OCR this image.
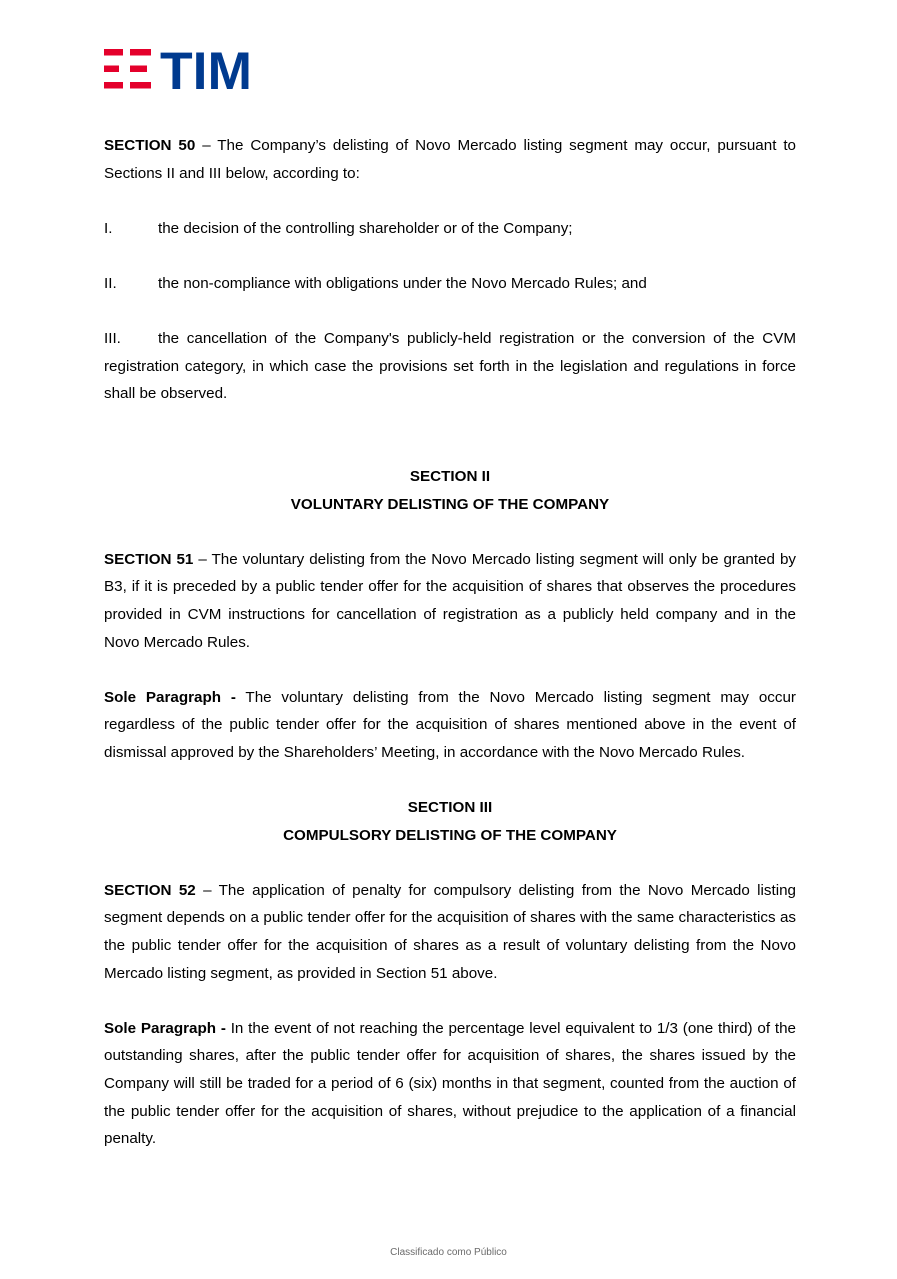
TIM

SECTION 50 – The Company’s delisting of Novo Mercado listing segment may occur, pursuant to Sections II and III below, according to:

I.	the decision of the controlling shareholder or of the Company;

II.	the non-compliance with obligations under the Novo Mercado Rules; and

III. the cancellation of the Company's publicly-held registration or the conversion of the CVM registration category, in which case the provisions set forth in the legislation and regulations in force shall be observed.

SECTION II

VOLUNTARY DELISTING OF THE COMPANY

SECTION 51 – The voluntary delisting from the Novo Mercado listing segment will only be granted by B3, if it is preceded by a public tender offer for the acquisition of shares that observes the procedures provided in CVM instructions for cancellation of registration as a publicly held company and in the Novo Mercado Rules.

Sole Paragraph - The voluntary delisting from the Novo Mercado listing segment may occur regardless of the public tender offer for the acquisition of shares mentioned above in the event of dismissal approved by the Shareholders’ Meeting, in accordance with the Novo Mercado Rules.

SECTION III

COMPULSORY DELISTING OF THE COMPANY

SECTION 52 – The application of penalty for compulsory delisting from the Novo Mercado listing segment depends on a public tender offer for the acquisition of shares with the same characteristics as the public tender offer for the acquisition of shares as a result of voluntary delisting from the Novo Mercado listing segment, as provided in Section 51 above.

Sole Paragraph - In the event of not reaching the percentage level equivalent to 1/3 (one third) of the outstanding shares, after the public tender offer for acquisition of shares, the shares issued by the Company will still be traded for a period of 6 (six) months in that segment, counted from the auction of the public tender offer for the acquisition of shares, without prejudice to the application of a financial penalty.

Classificado como Público
